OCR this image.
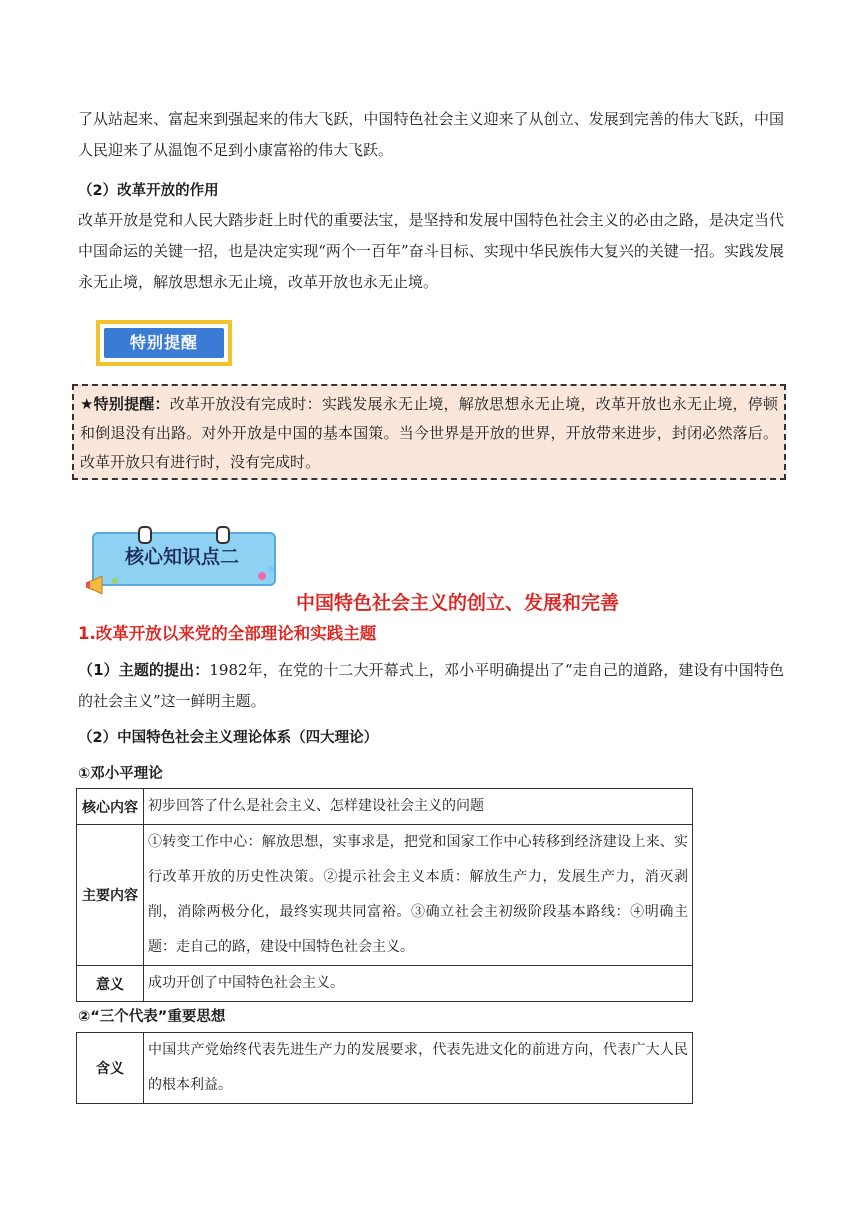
了从站起来、富起来到强起来的伟大飞跃，中国特色社会主义迎来了从创立、发展到完善的伟大飞跃，中国人民迎来了从温饱不足到小康富裕的伟大飞跃。

（2）改革开放的作用

改革开放是党和人民大踏步赶上时代的重要法宝，是坚持和发展中国特色社会主义的必由之路，是决定当代中国命运的关键一招，也是决定实现“两个一百年”奋斗目标、实现中华民族伟大复兴的关键一招。实践发展永无止境，解放思想永无止境，改革开放也永无止境。

特别提醒
★特别提醒：改革开放没有完成时：实践发展永无止境，解放思想永无止境，改革开放也永无止境，停顿和倒退没有出路。对外开放是中国的基本国策。当今世界是开放的世界，开放带来进步，封闭必然落后。改革开放只有进行时，没有完成时。
核心知识点二
中国特色社会主义的创立、发展和完善
1.改革开放以来党的全部理论和实践主题

（1）主题的提出：1982年，在党的十二大开幕式上，邓小平明确提出了“走自己的道路，建设有中国特色的社会主义”这一鲜明主题。

（2）中国特色社会主义理论体系（四大理论）
①邓小平理论
核心内容	初步回答了什么是社会主义、怎样建设社会主义的问题
主要内容	①转变工作中心：解放思想，实事求是，把党和国家工作中心转移到经济建设上来、实行改革开放的历史性决策。②提示社会主义本质：解放生产力，发展生产力，消灭剥削，消除两极分化，最终实现共同富裕。③确立社会主初级阶段基本路线：④明确主题：走自己的路，建设中国特色社会主义。
意义	成功开创了中国特色社会主义。
②“三个代表”重要思想
含义	中国共产党始终代表先进生产力的发展要求，代表先进文化的前进方向，代表广大人民的根本利益。
